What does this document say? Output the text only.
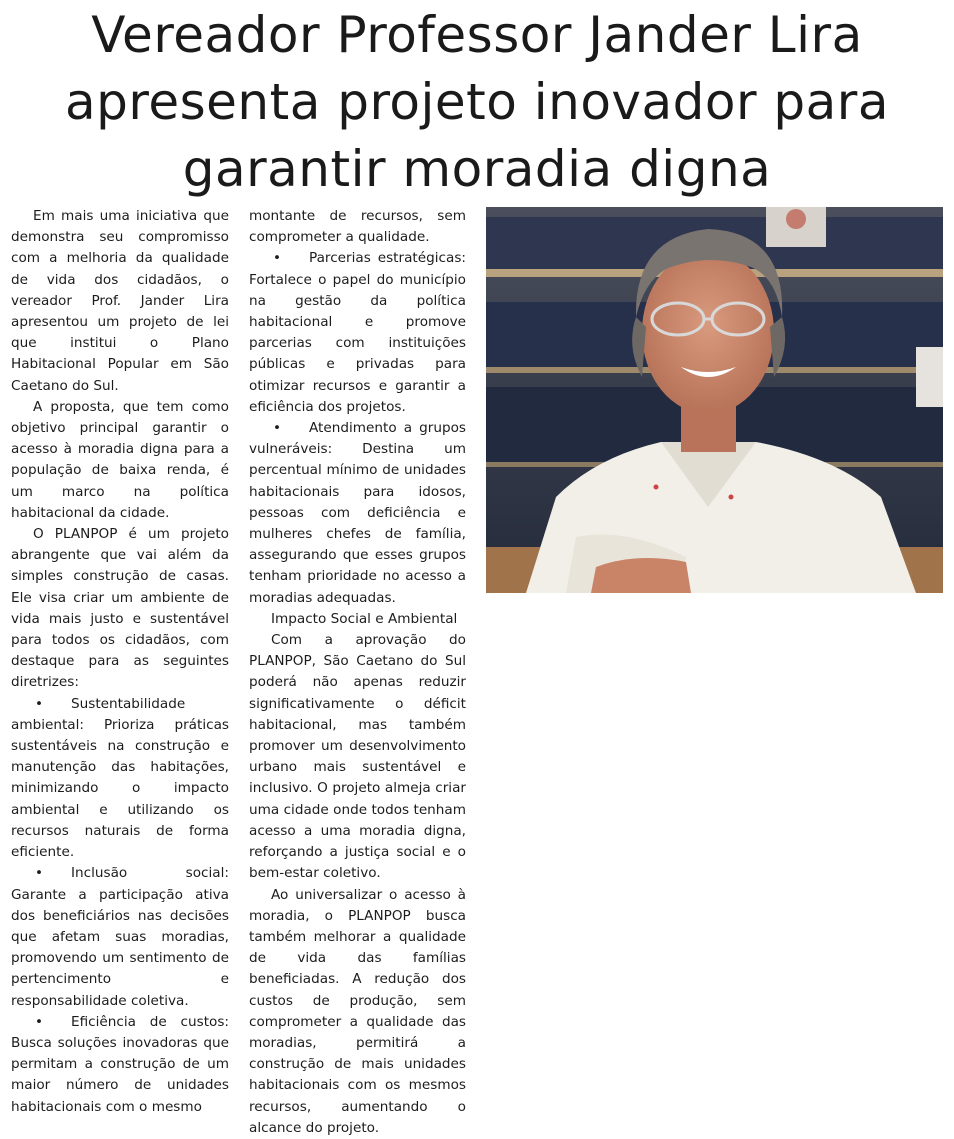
Vereador Professor Jander Lira apresenta projeto inovador para garantir moradia digna

Em mais uma iniciativa que demonstra seu compromisso com a melhoria da qualidade de vida dos cidadãos, o vereador Prof. Jander Lira apresentou um projeto de lei que institui o Plano Habitacional Popular em São Caetano do Sul.

A proposta, que tem como objetivo principal garantir o acesso à moradia digna para a população de baixa renda, é um marco na política habitacional da cidade.

O PLANPOP é um projeto abrangente que vai além da simples construção de casas. Ele visa criar um ambiente de vida mais justo e sustentável para todos os cidadãos, com destaque para as seguintes diretrizes:

• Sustentabilidade ambiental: Prioriza práticas sustentáveis na construção e manutenção das habitações, minimizando o impacto ambiental e utilizando os recursos naturais de forma eficiente.

• Inclusão social: Garante a participação ativa dos beneficiários nas decisões que afetam suas moradias, promovendo um sentimento de pertencimento e responsabilidade coletiva.

• Eficiência de custos: Busca soluções inovadoras que permitam a construção de um maior número de unidades habitacionais com o mesmo

montante de recursos, sem comprometer a qualidade.

• Parcerias estratégicas: Fortalece o papel do município na gestão da política habitacional e promove parcerias com instituições públicas e privadas para otimizar recursos e garantir a eficiência dos projetos.

• Atendimento a grupos vulneráveis: Destina um percentual mínimo de unidades habitacionais para idosos, pessoas com deficiência e mulheres chefes de família, assegurando que esses grupos tenham prioridade no acesso a moradias adequadas.

Impacto Social e Ambiental

Com a aprovação do PLANPOP, São Caetano do Sul poderá não apenas reduzir significativamente o déficit habitacional, mas também promover um desenvolvimento urbano mais sustentável e inclusivo. O projeto almeja criar uma cidade onde todos tenham acesso a uma moradia digna, reforçando a justiça social e o bem-estar coletivo.

Ao universalizar o acesso à moradia, o PLANPOP busca também melhorar a qualidade de vida das famílias beneficiadas. A redução dos custos de produção, sem comprometer a qualidade das moradias, permitirá a construção de mais unidades habitacionais com os mesmos recursos, aumentando o alcance do projeto.
